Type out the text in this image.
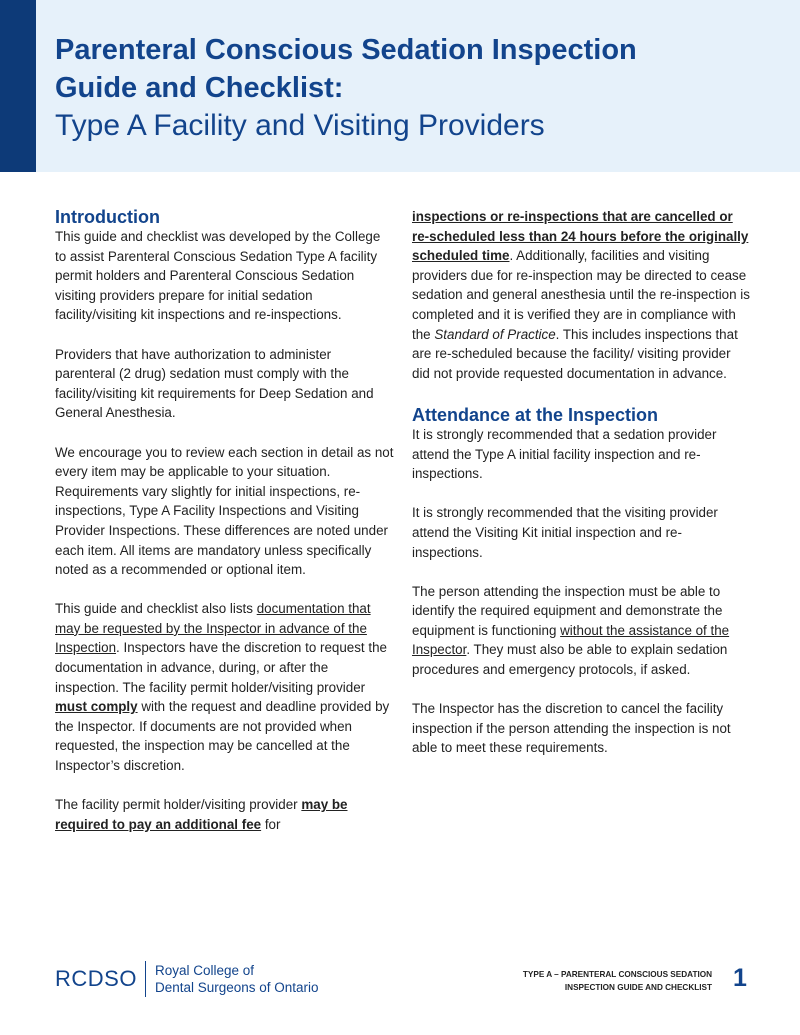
Parenteral Conscious Sedation Inspection
Guide and Checklist:
Type A Facility and Visiting Providers
Introduction

This guide and checklist was developed by the College to assist Parenteral Conscious Sedation Type A facility permit holders and Parenteral Conscious Sedation visiting providers prepare for initial sedation facility/visiting kit inspections and re-inspections.

Providers that have authorization to administer parenteral (2 drug) sedation must comply with the facility/visiting kit requirements for Deep Sedation and General Anesthesia.

We encourage you to review each section in detail as not every item may be applicable to your situation. Requirements vary slightly for initial inspections, re-inspections, Type A Facility Inspections and Visiting Provider Inspections. These differences are noted under each item. All items are mandatory unless specifically noted as a recommended or optional item.

This guide and checklist also lists documentation that may be requested by the Inspector in advance of the Inspection. Inspectors have the discretion to request the documentation in advance, during, or after the inspection. The facility permit holder/visiting provider must comply with the request and deadline provided by the Inspector. If documents are not provided when requested, the inspection may be cancelled at the Inspector’s discretion.

The facility permit holder/visiting provider may be required to pay an additional fee for

inspections or re-inspections that are cancelled or re-scheduled less than 24 hours before the originally scheduled time. Additionally, facilities and visiting providers due for re-inspection may be directed to cease sedation and general anesthesia until the re-inspection is completed and it is verified they are in compliance with the Standard of Practice. This includes inspections that are re-scheduled because the facility/ visiting provider did not provide requested documentation in advance.

Attendance at the Inspection

It is strongly recommended that a sedation provider attend the Type A initial facility inspection and re-inspections.

It is strongly recommended that the visiting provider attend the Visiting Kit initial inspection and re-inspections.

The person attending the inspection must be able to identify the required equipment and demonstrate the equipment is functioning without the assistance of the Inspector. They must also be able to explain sedation procedures and emergency protocols, if asked.

The Inspector has the discretion to cancel the facility inspection if the person attending the inspection is not able to meet these requirements.

RCDSO Royal College of
Dental Surgeons of Ontario
TYPE A – PARENTERAL CONSCIOUS SEDATION
INSPECTION GUIDE AND CHECKLIST 1
